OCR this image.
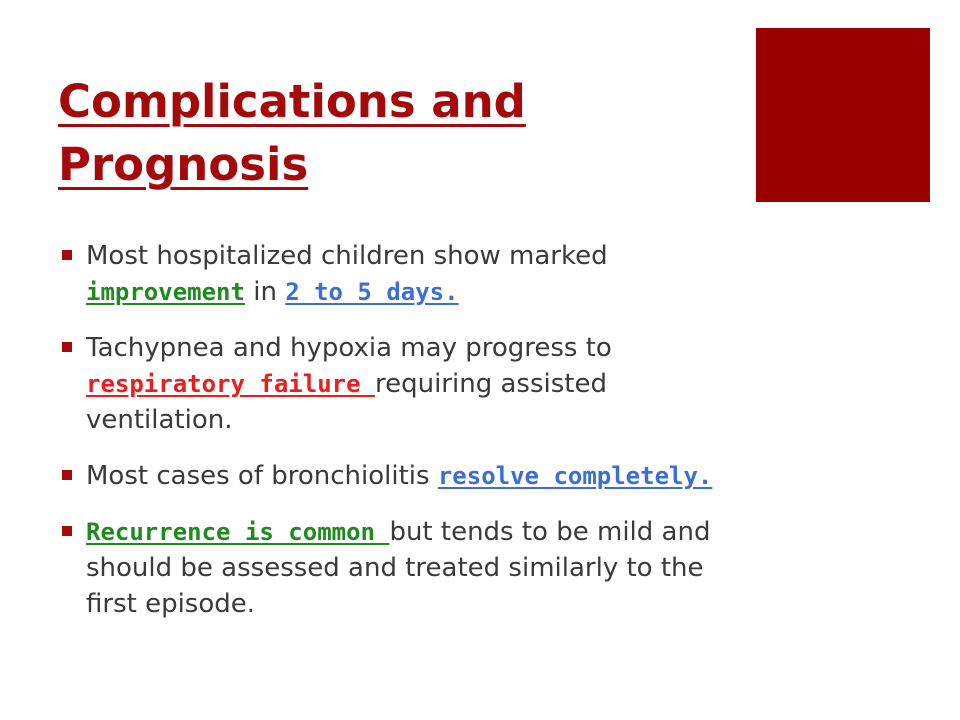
Complications and
Prognosis
Most hospitalized children show marked improvement in 2 to 5 days.
Tachypnea and hypoxia may progress to respiratory failure requiring assisted ventilation.
Most cases of bronchiolitis resolve completely.
Recurrence is common but tends to be mild and should be assessed and treated similarly to the first episode.
